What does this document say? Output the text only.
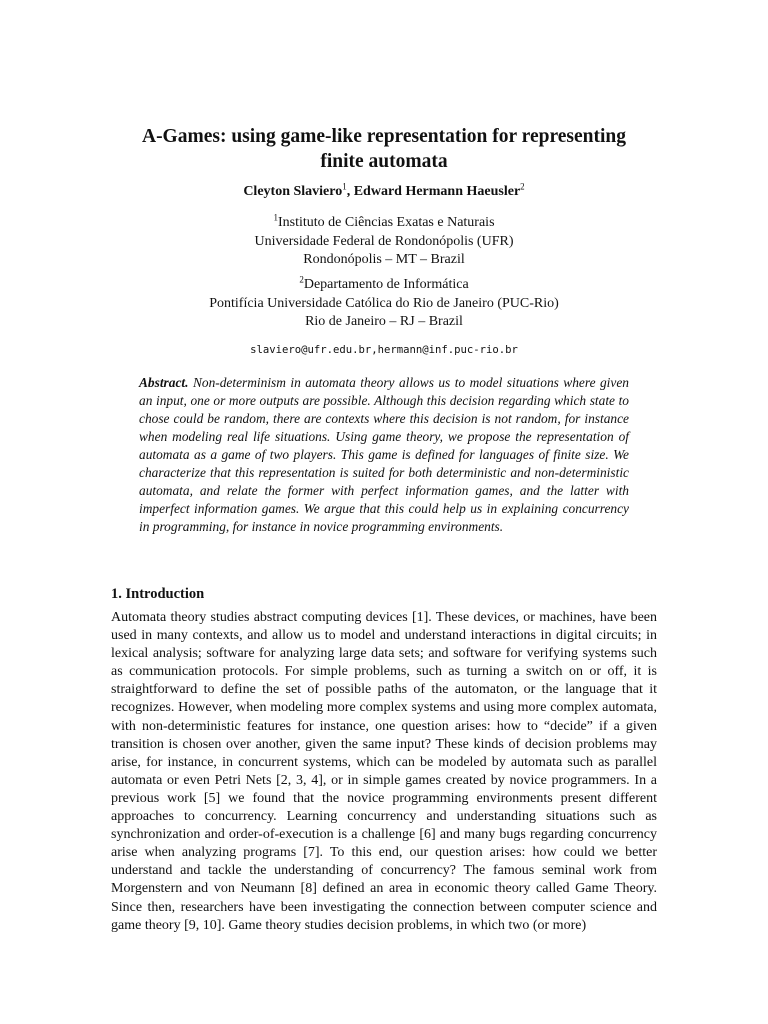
A-Games: using game-like representation for representing
finite automata
Cleyton Slaviero$^1$, Edward Hermann Haeusler$^2$
$^1$Instituto de Ciências Exatas e Naturais
Universidade Federal de Rondonópolis (UFR)
Rondonópolis – MT – Brazil
$^2$Departamento de Informática
Pontifícia Universidade Católica do Rio de Janeiro (PUC-Rio)
Rio de Janeiro – RJ – Brazil
slaviero@ufr.edu.br,hermann@inf.puc-rio.br

Abstract. Non-determinism in automata theory allows us to model situations where given an input, one or more outputs are possible. Although this decision regarding which state to chose could be random, there are contexts where this decision is not random, for instance when modeling real life situations. Using game theory, we propose the representation of automata as a game of two players. This game is defined for languages of finite size. We characterize that this representation is suited for both deterministic and non-deterministic automata, and relate the former with perfect information games, and the latter with imperfect information games. We argue that this could help us in explaining concurrency in programming, for instance in novice programming environments.

1. Introduction

Automata theory studies abstract computing devices [1]. These devices, or machines, have been used in many contexts, and allow us to model and understand interactions in digital circuits; in lexical analysis; software for analyzing large data sets; and software for verifying systems such as communication protocols. For simple problems, such as turning a switch on or off, it is straightforward to define the set of possible paths of the automaton, or the language that it recognizes. However, when modeling more complex systems and using more complex automata, with non-deterministic features for instance, one question arises: how to “decide” if a given transition is chosen over another, given the same input? These kinds of decision problems may arise, for instance, in concurrent systems, which can be modeled by automata such as parallel automata or even Petri Nets [2, 3, 4], or in simple games created by novice programmers. In a previous work [5] we found that the novice programming environments present different approaches to concurrency. Learning concurrency and understanding situations such as synchronization and order-of-execution is a challenge [6] and many bugs regarding concurrency arise when analyzing programs [7]. To this end, our question arises: how could we better understand and tackle the understanding of concurrency? The famous seminal work from Morgenstern and von Neumann [8] defined an area in economic theory called Game Theory. Since then, researchers have been investigating the connection between computer science and game theory [9, 10]. Game theory studies decision problems, in which two (or more)
